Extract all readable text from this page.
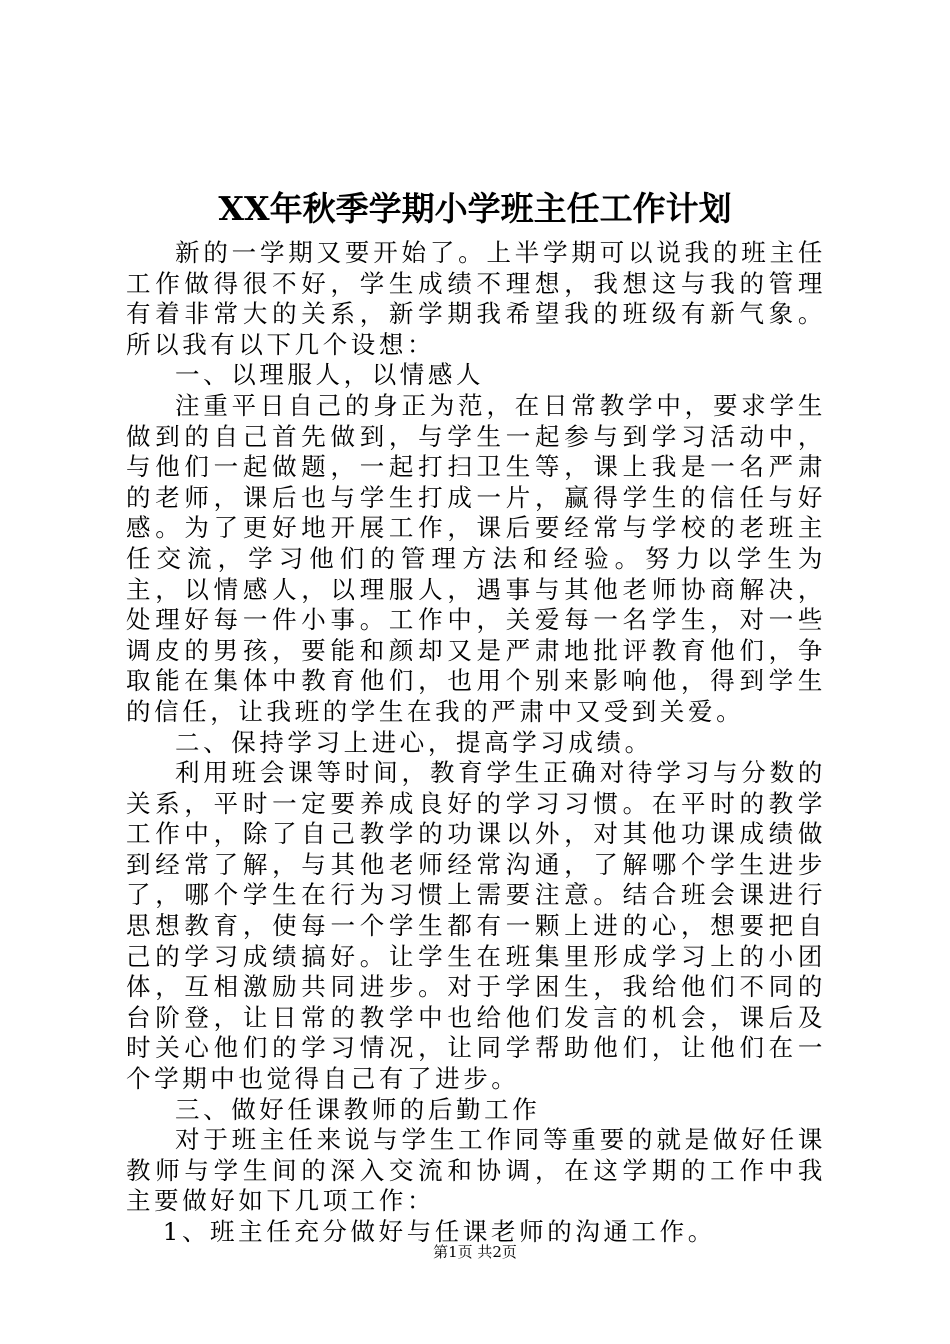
XX年秋季学期小学班主任工作计划

新的一学期又要开始了。上半学期可以说我的班主任工作做得很不好，学生成绩不理想，我想这与我的管理有着非常大的关系，新学期我希望我的班级有新气象。所以我有以下几个设想：

一、以理服人，以情感人

注重平日自己的身正为范，在日常教学中，要求学生做到的自己首先做到，与学生一起参与到学习活动中，与他们一起做题，一起打扫卫生等，课上我是一名严肃的老师，课后也与学生打成一片，赢得学生的信任与好感。为了更好地开展工作，课后要经常与学校的老班主任交流，学习他们的管理方法和经验。努力以学生为主，以情感人，以理服人，遇事与其他老师协商解决，处理好每一件小事。工作中，关爱每一名学生，对一些调皮的男孩，要能和颜却又是严肃地批评教育他们，争取能在集体中教育他们，也用个别来影响他，得到学生的信任，让我班的学生在我的严肃中又受到关爱。

二、保持学习上进心，提高学习成绩。

利用班会课等时间，教育学生正确对待学习与分数的关系，平时一定要养成良好的学习习惯。在平时的教学工作中，除了自己教学的功课以外，对其他功课成绩做到经常了解，与其他老师经常沟通，了解哪个学生进步了，哪个学生在行为习惯上需要注意。结合班会课进行思想教育，使每一个学生都有一颗上进的心，想要把自己的学习成绩搞好。让学生在班集里形成学习上的小团体，互相激励共同进步。对于学困生，我给他们不同的台阶登，让日常的教学中也给他们发言的机会，课后及时关心他们的学习情况，让同学帮助他们，让他们在一个学期中也觉得自己有了进步。

三、做好任课教师的后勤工作

对于班主任来说与学生工作同等重要的就是做好任课教师与学生间的深入交流和协调，在这学期的工作中我主要做好如下几项工作：

1、班主任充分做好与任课老师的沟通工作。

第1页 共2页
